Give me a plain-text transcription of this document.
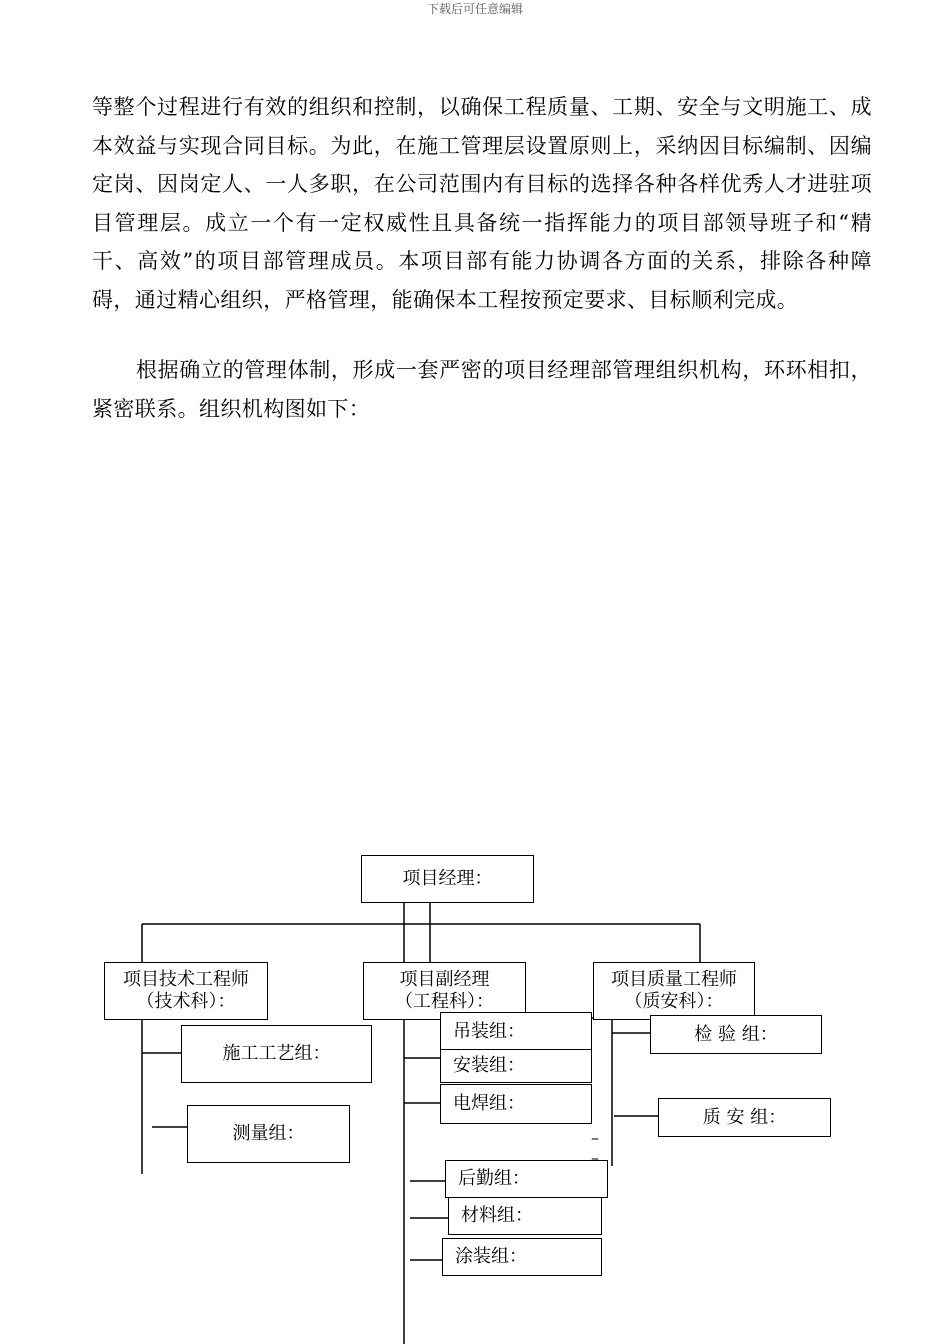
下载后可任意编辑

等整个过程进行有效的组织和控制，以确保工程质量、工期、安全与文明施工、成本效益与实现合同目标。为此，在施工管理层设置原则上，采纳因目标编制、因编定岗、因岗定人、一人多职，在公司范围内有目标的选择各种各样优秀人才进驻项目管理层。成立一个有一定权威性且具备统一指挥能力的项目部领导班子和“精干、高效”的项目部管理成员。本项目部有能力协调各方面的关系，排除各种障碍，通过精心组织，严格管理，能确保本工程按预定要求、目标顺利完成。

根据确立的管理体制，形成一套严密的项目经理部管理组织机构，环环相扣，紧密联系。组织机构图如下：

项目经理：
项目技术工程师
（技术科）：
项目副经理
（工程科）：
项目质量工程师
（质安科）：
施工工艺组：
测量组：
吊装组：
安装组：
电焊组：
后勤组：
材料组：
涂装组：
检 验 组：
质 安 组：
–
–
